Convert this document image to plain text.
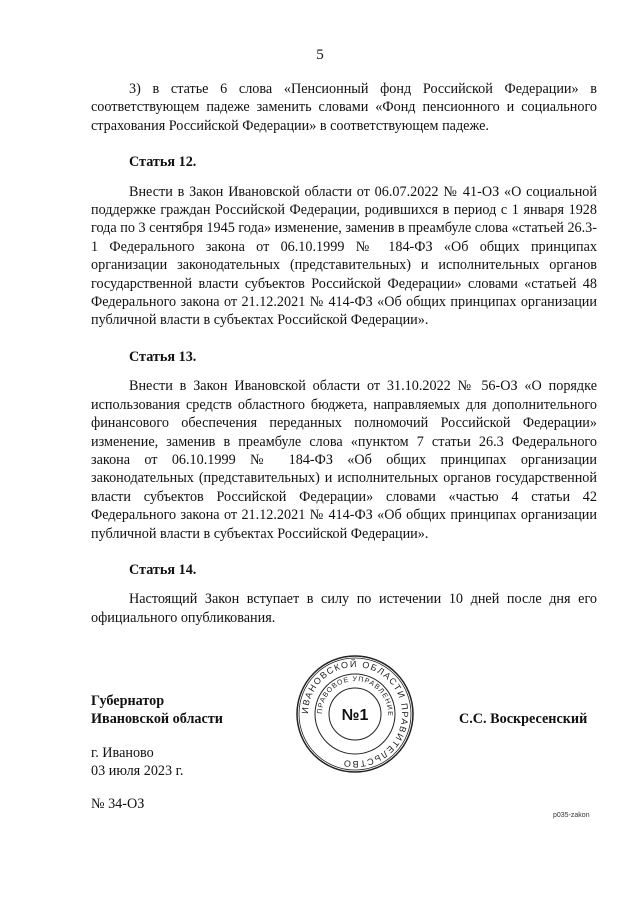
5

3) в статье 6 слова «Пенсионный фонд Российской Федерации» в соответствующем падеже заменить словами «Фонд пенсионного и социального страхования Российской Федерации» в соответствующем падеже.

Статья 12.

Внести в Закон Ивановской области от 06.07.2022 № 41-ОЗ «О социальной поддержке граждан Российской Федерации, родившихся в период с 1 января 1928 года по 3 сентября 1945 года» изменение, заменив в преамбуле слова «статьей 26.3-1 Федерального закона от 06.10.1999 № 184-ФЗ «Об общих принципах организации законодательных (представительных) и исполнительных органов государственной власти субъектов Российской Федерации» словами «статьей 48 Федерального закона от 21.12.2021 № 414-ФЗ «Об общих принципах организации публичной власти в субъектах Российской Федерации».

Статья 13.

Внести в Закон Ивановской области от 31.10.2022 № 56-ОЗ «О порядке использования средств областного бюджета, направляемых для дополнительного финансового обеспечения переданных полномочий Российской Федерации» изменение, заменив в преамбуле слова «пунктом 7 статьи 26.3 Федерального закона от 06.10.1999 № 184-ФЗ «Об общих принципах организации законодательных (представительных) и исполнительных органов государственной власти субъектов Российской Федерации» словами «частью 4 статьи 42 Федерального закона от 21.12.2021 № 414-ФЗ «Об общих принципах организации публичной власти в субъектах Российской Федерации».

Статья 14.

Настоящий Закон вступает в силу по истечении 10 дней после дня его официального опубликования.

Губернатор
Ивановской области	С.С. Воскресенский
г. Иваново
03 июля 2023 г.
№ 34-ОЗ
ИВАНОВСКОЙ ОБЛАСТИ ПРАВИТЕЛЬСТВО
ПРАВОВОЕ УПРАВЛЕНИЕ
№1
p035-zakon
